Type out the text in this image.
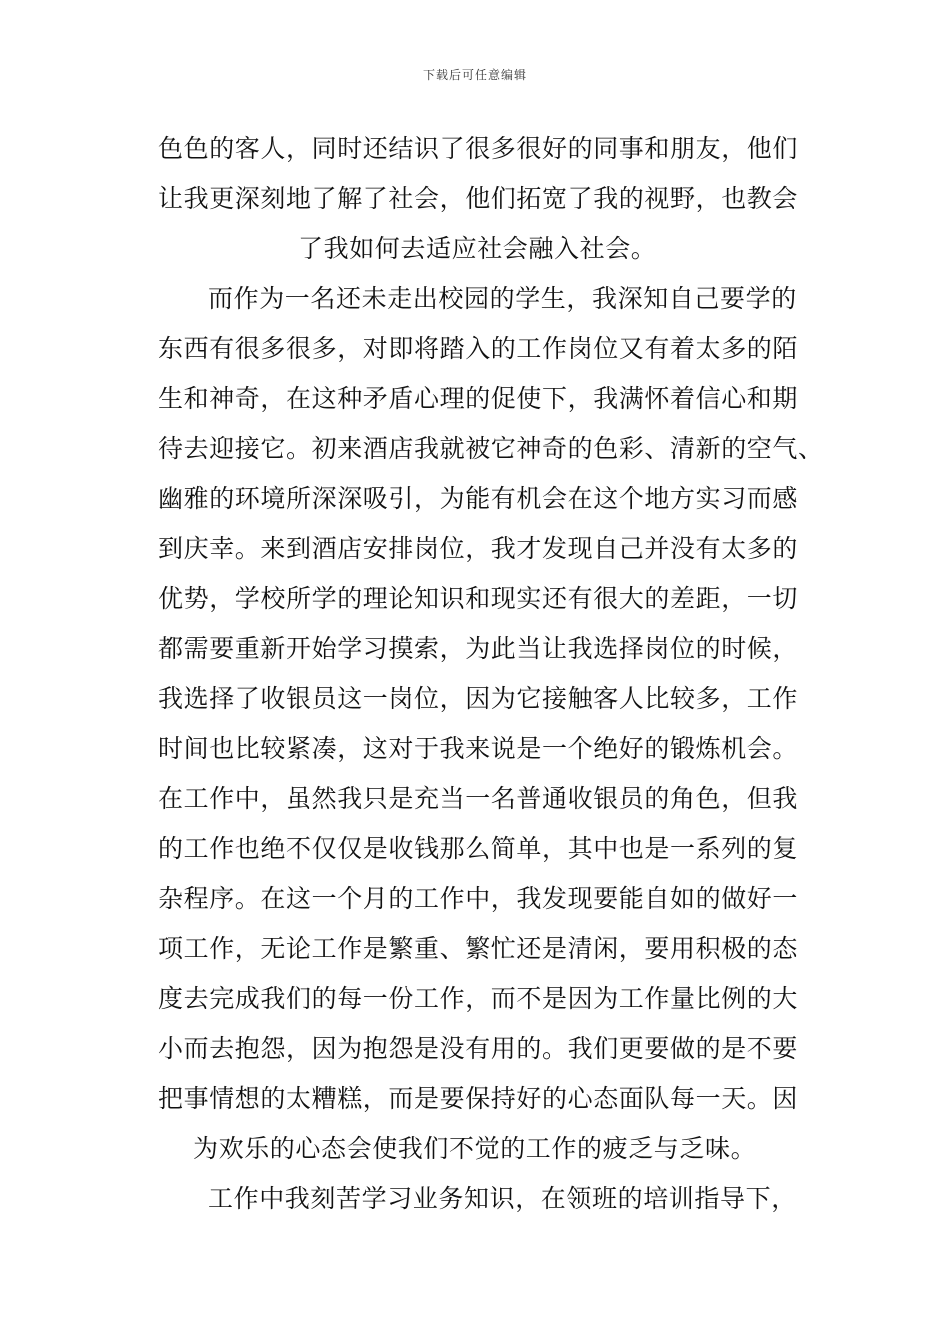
下载后可任意编辑
色色的客人，同时还结识了很多很好的同事和朋友，他们
让我更深刻地了解了社会，他们拓宽了我的视野，也教会
了我如何去适应社会融入社会。
而作为一名还未走出校园的学生，我深知自己要学的
东西有很多很多，对即将踏入的工作岗位又有着太多的陌
生和神奇，在这种矛盾心理的促使下，我满怀着信心和期
待去迎接它。初来酒店我就被它神奇的色彩、清新的空气、
幽雅的环境所深深吸引，为能有机会在这个地方实习而感
到庆幸。来到酒店安排岗位，我才发现自己并没有太多的
优势，学校所学的理论知识和现实还有很大的差距，一切
都需要重新开始学习摸索，为此当让我选择岗位的时候，
我选择了收银员这一岗位，因为它接触客人比较多，工作
时间也比较紧凑，这对于我来说是一个绝好的锻炼机会。
在工作中，虽然我只是充当一名普通收银员的角色，但我
的工作也绝不仅仅是收钱那么简单，其中也是一系列的复
杂程序。在这一个月的工作中，我发现要能自如的做好一
项工作，无论工作是繁重、繁忙还是清闲，要用积极的态
度去完成我们的每一份工作，而不是因为工作量比例的大
小而去抱怨，因为抱怨是没有用的。我们更要做的是不要
把事情想的太糟糕，而是要保持好的心态面队每一天。因
为欢乐的心态会使我们不觉的工作的疲乏与乏味。
工作中我刻苦学习业务知识，在领班的培训指导下，
